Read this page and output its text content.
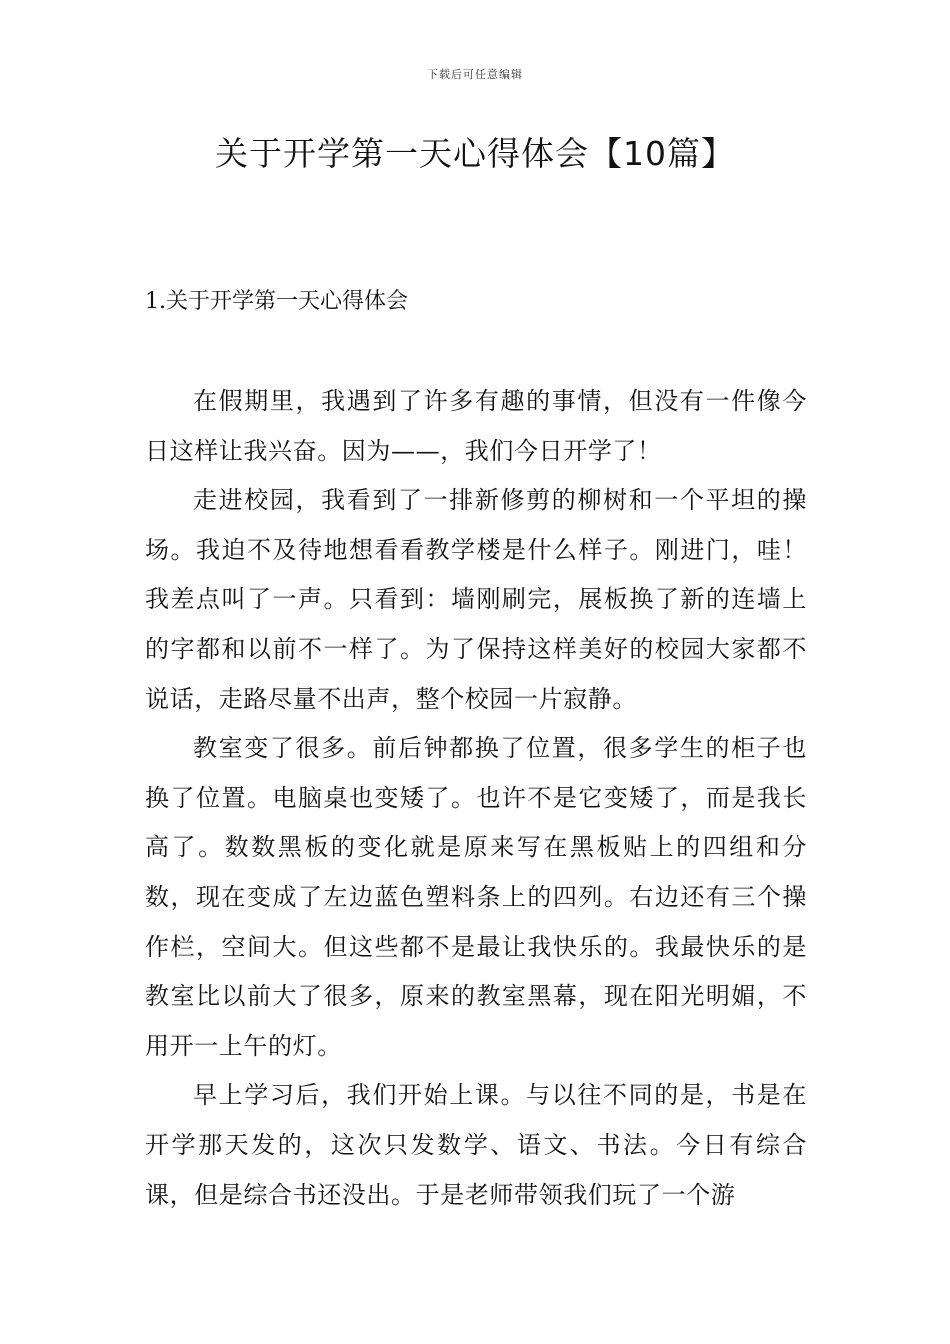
下载后可任意编辑
关于开学第一天心得体会【10篇】
1.关于开学第一天心得体会

在假期里，我遇到了许多有趣的事情，但没有一件像今日这样让我兴奋。因为——，我们今日开学了！

走进校园，我看到了一排新修剪的柳树和一个平坦的操场。我迫不及待地想看看教学楼是什么样子。刚进门，哇！我差点叫了一声。只看到：墙刚刷完，展板换了新的连墙上的字都和以前不一样了。为了保持这样美好的校园大家都不说话，走路尽量不出声，整个校园一片寂静。

教室变了很多。前后钟都换了位置，很多学生的柜子也换了位置。电脑桌也变矮了。也许不是它变矮了，而是我长高了。数数黑板的变化就是原来写在黑板贴上的四组和分数，现在变成了左边蓝色塑料条上的四列。右边还有三个操作栏，空间大。但这些都不是最让我快乐的。我最快乐的是教室比以前大了很多，原来的教室黑幕，现在阳光明媚，不用开一上午的灯。

早上学习后，我们开始上课。与以往不同的是，书是在开学那天发的，这次只发数学、语文、书法。今日有综合课，但是综合书还没出。于是老师带领我们玩了一个游
